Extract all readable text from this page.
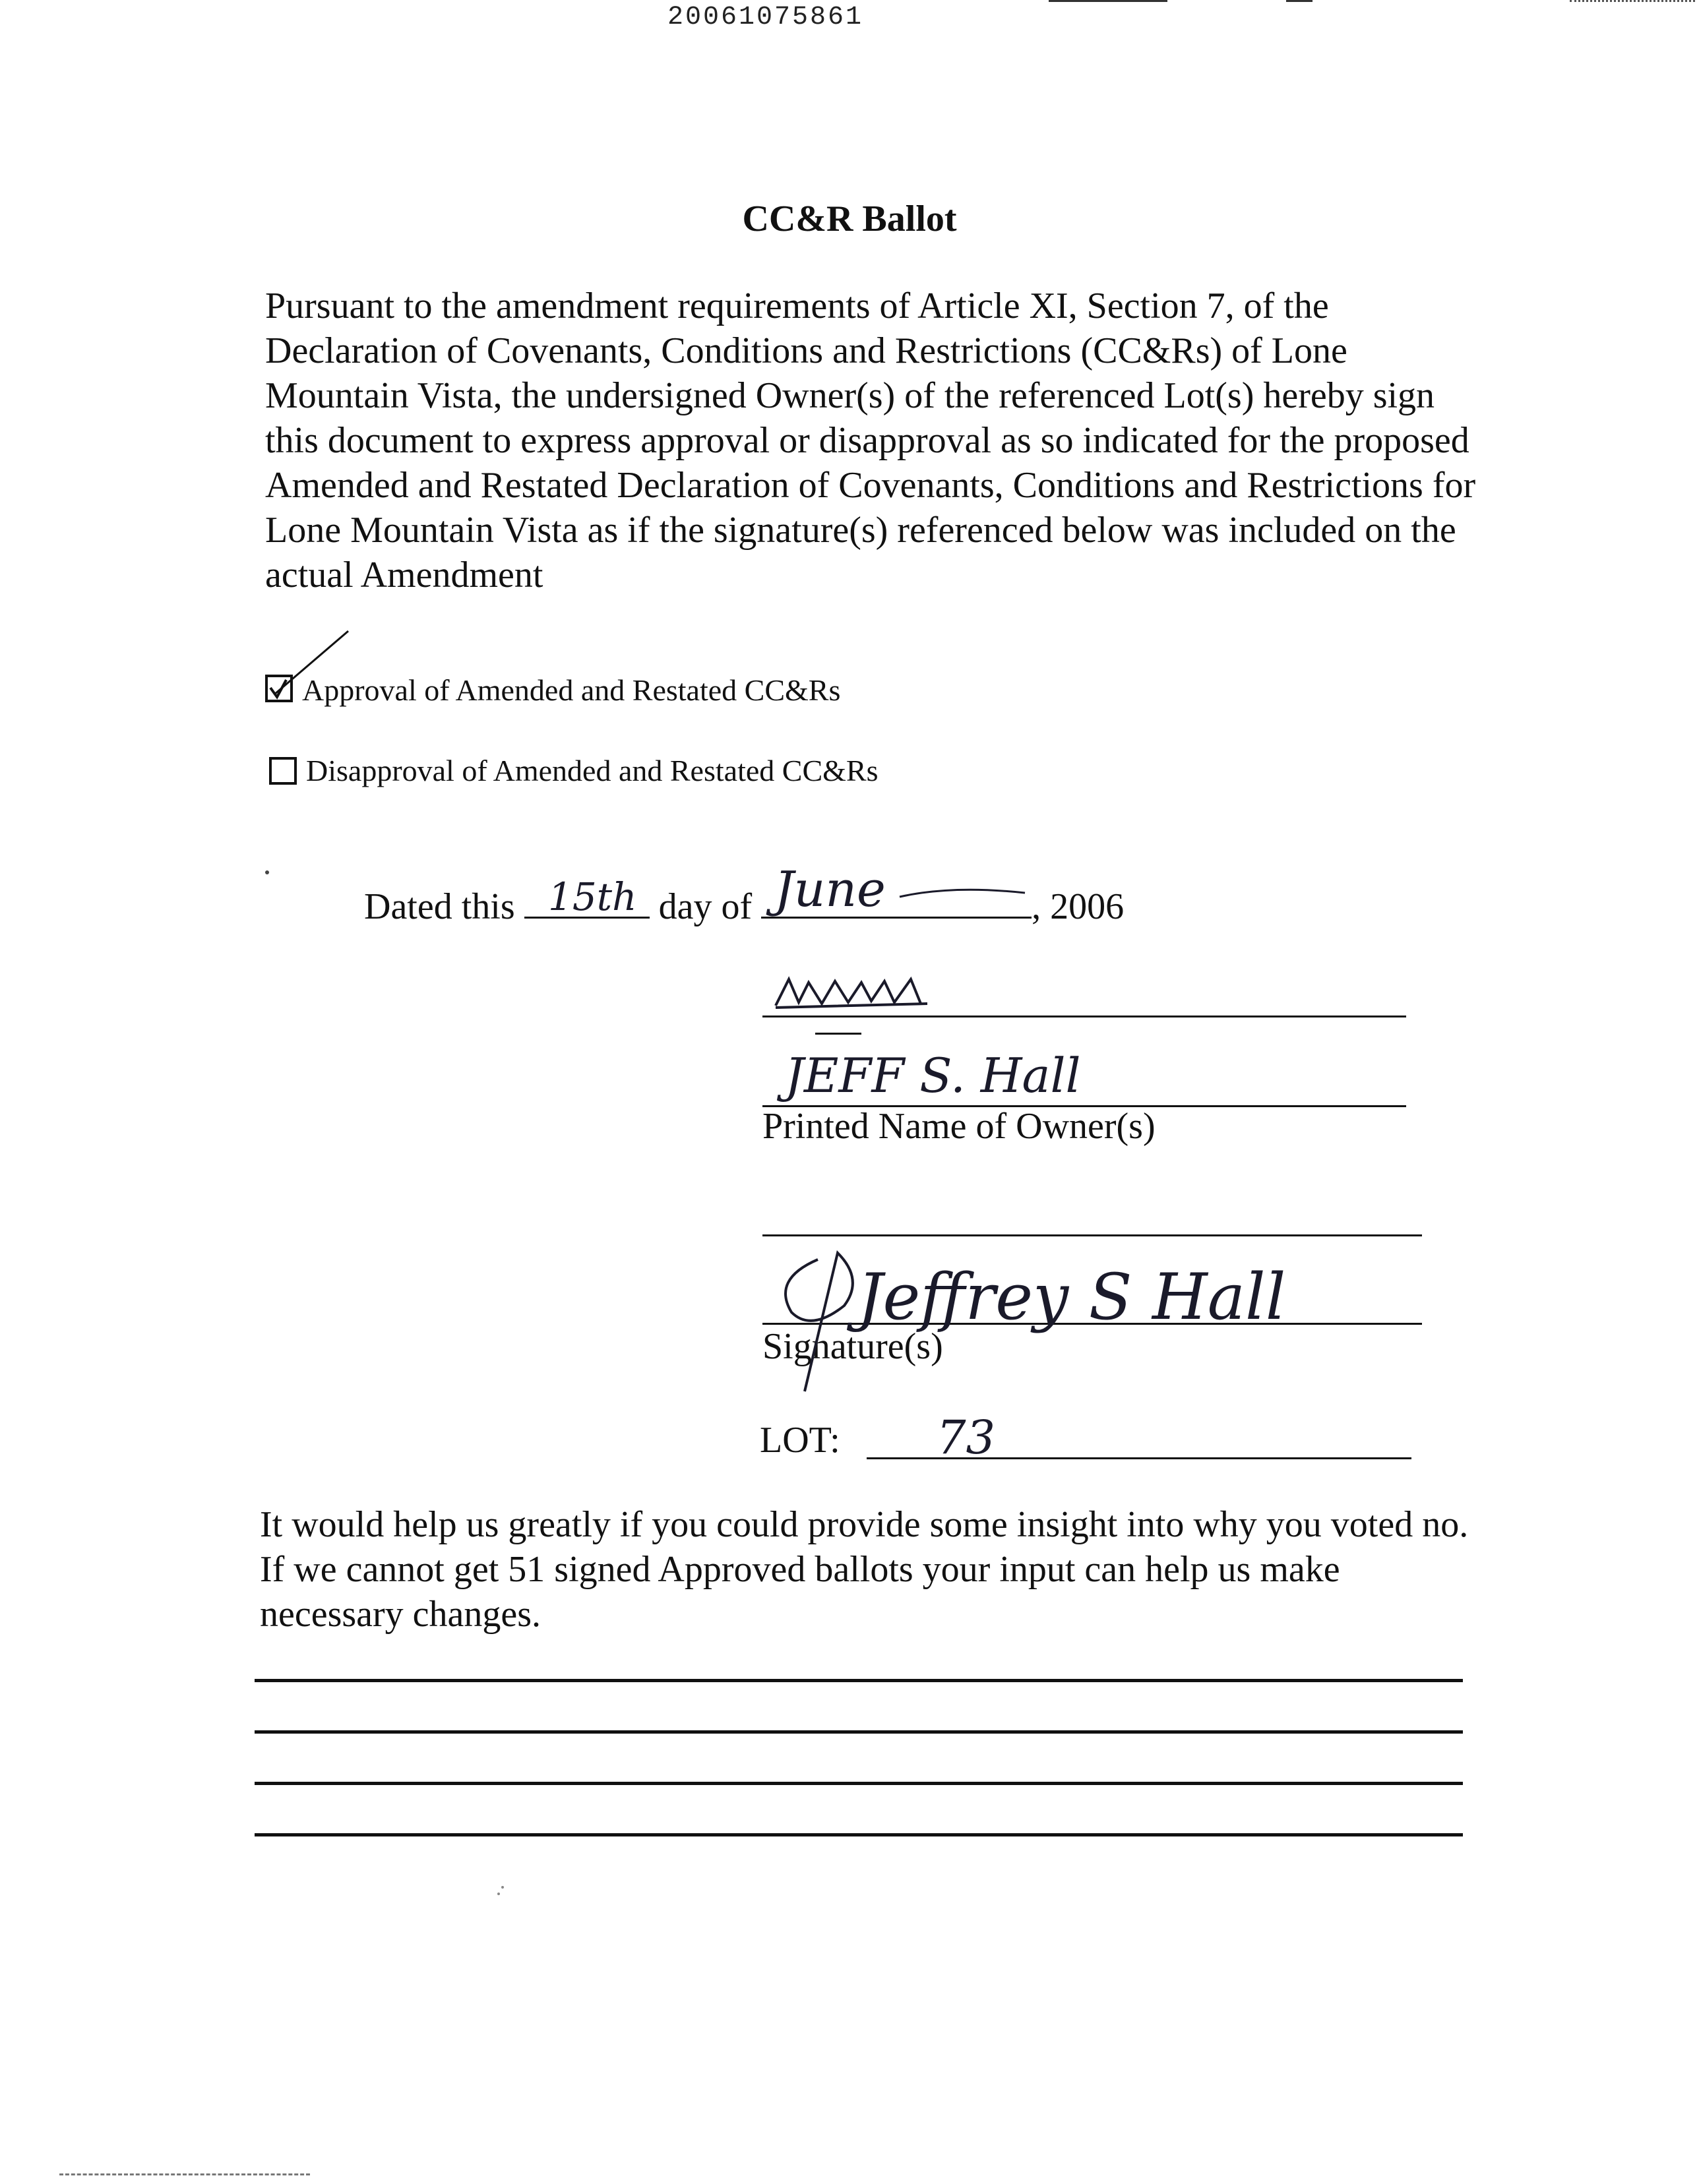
20061075861
CC&R Ballot
Pursuant to the amendment requirements of Article XI, Section 7, of the Declaration of Covenants, Conditions and Restrictions (CC&Rs) of Lone Mountain Vista, the undersigned Owner(s) of the referenced Lot(s) hereby sign this document to express approval or disapproval as so indicated for the proposed Amended and Restated Declaration of Covenants, Conditions and Restrictions for Lone Mountain Vista as if the signature(s) referenced below was included on the actual Amendment
Approval of Amended and Restated CC&Rs
Disapproval of Amended and Restated CC&Rs
Dated this 15th day of June	, 2006
JEFF S. Hall
Printed Name of Owner(s)
Signature(s)
Jeffrey S Hall
LOT: 73
It would help us greatly if you could provide some insight into why you voted no. If we cannot get 51 signed Approved ballots your input can help us make necessary changes.
